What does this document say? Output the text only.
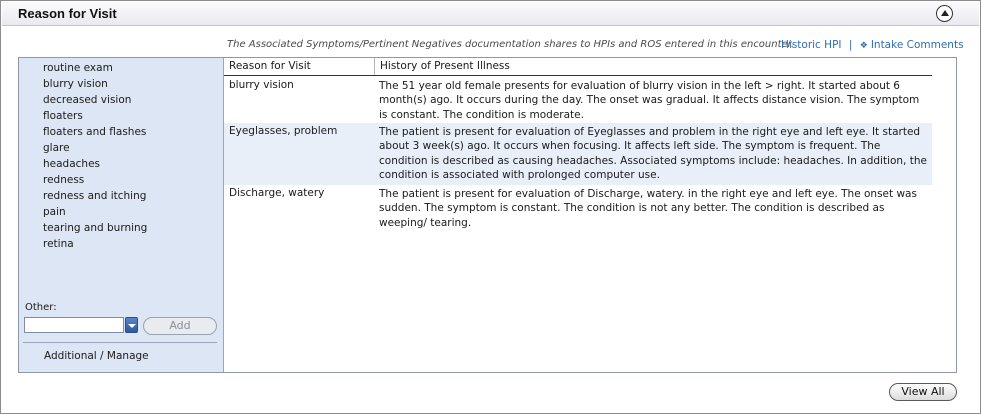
Reason for Visit
The Associated Symptoms/Pertinent Negatives documentation shares to HPIs and ROS entered in this encounter.
Historic HPI | ❖ Intake Comments
routine exam
blurry vision
decreased vision
floaters
floaters and flashes
glare
headaches
redness
redness and itching
pain
tearing and burning
retina
Other:
Add
Additional / Manage
Reason for Visit	History of Present Illness
blurry vision	The 51 year old female presents for evaluation of blurry vision in the left > right. It started about 6 month(s) ago. It occurs during the day. The onset was gradual. It affects distance vision. The symptom is constant. The condition is moderate.
Eyeglasses, problem	The patient is present for evaluation of Eyeglasses and problem in the right eye and left eye. It started about 3 week(s) ago. It occurs when focusing. It affects left side. The symptom is frequent. The condition is described as causing headaches. Associated symptoms include: headaches. In addition, the condition is associated with prolonged computer use.
Discharge, watery	The patient is present for evaluation of Discharge, watery. in the right eye and left eye. The onset was sudden. The symptom is constant. The condition is not any better. The condition is described as weeping/ tearing.
View All
